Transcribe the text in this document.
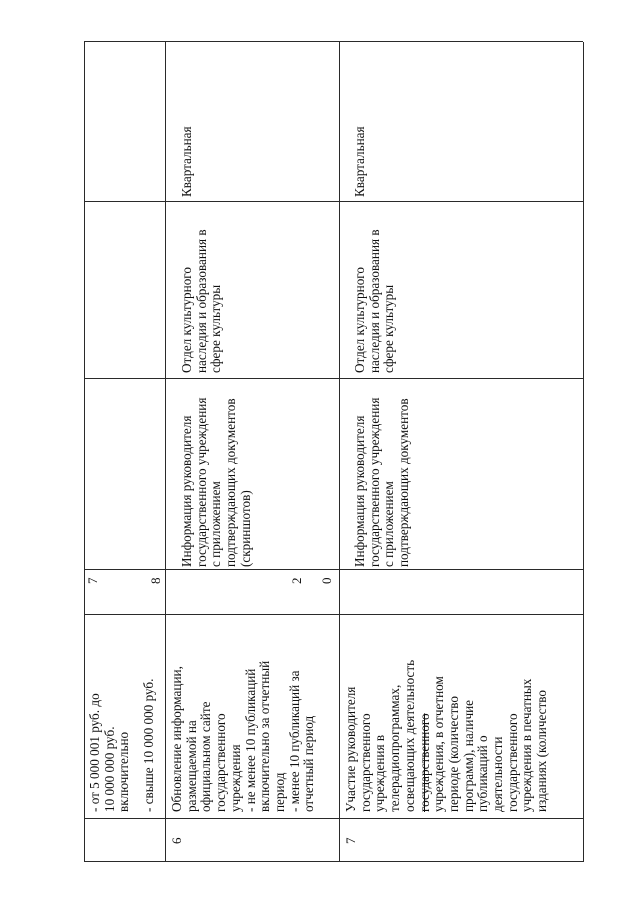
- от 5 000 001 руб. до 10 000 000 руб. включительно - свыше 10 000 000 руб.
7	8
6
Обновление информации, размещаемой на официальном сайте государственного учреждения - не менее 10 публикаций включительно за отчетный период - менее 10 публикаций за отчетный период
2 0
Информация руководителя государственного учреждения с приложением подтверждающих документов (скриншотов)
Отдел культурного наследия и образования в сфере культуры
Квартальная
7
Участие руководителя государственного учреждения в телерадиопрограммах, освещающих деятельность государственного учреждения, в отчетном периоде (количество программ), наличие публикаций о деятельности государственного учреждения в печатных изданиях (количество
Информация руководителя государственного учреждения с приложением подтверждающих документов
Отдел культурного наследия и образования в сфере культуры
Квартальная
